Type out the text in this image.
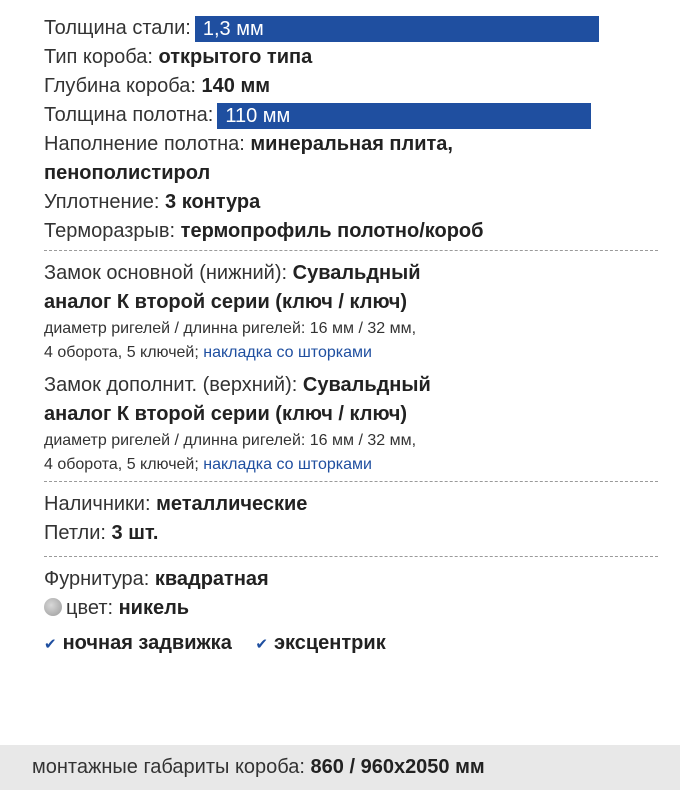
Толщина стали: 1,3 мм
Тип короба: открытого типа
Глубина короба: 140 мм
Толщина полотна: 110 мм
Наполнение полотна: минеральная плита,
пенополистирол
Уплотнение: 3 контура
Терморазрыв: термопрофиль полотно/короб
Замок основной (нижний): Сувальдный
аналог К второй серии (ключ / ключ)
диаметр ригелей / длинна ригелей: 16 мм / 32 мм,
4 оборота, 5 ключей; накладка со шторками
Замок дополнит. (верхний): Сувальдный
аналог К второй серии (ключ / ключ)
диаметр ригелей / длинна ригелей: 16 мм / 32 мм,
4 оборота, 5 ключей; накладка со шторками
Наличники: металлические
Петли: 3 шт.
Фурнитура: квадратная
цвет: никель
✔ ночная задвижка ✔ эксцентрик
монтажные габариты короба: 860 / 960x2050 мм
